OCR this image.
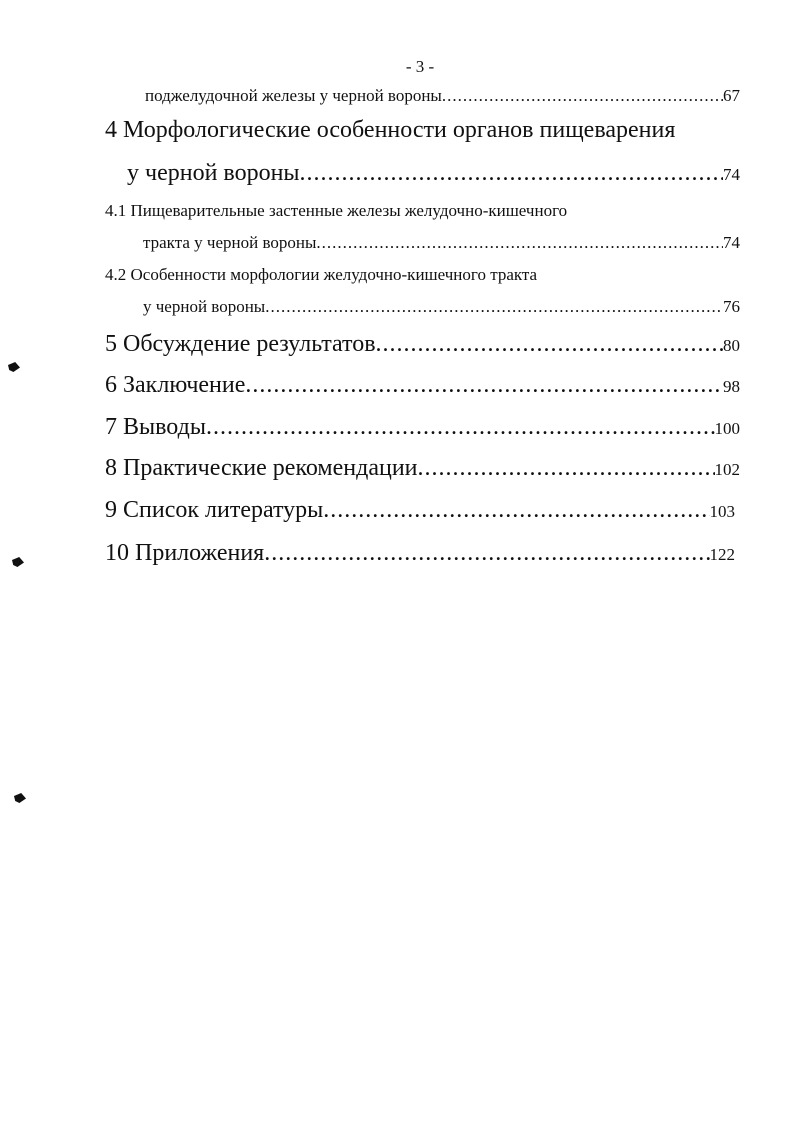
- 3 -
поджелудочной железы у черной вороны .....	67
4 Морфологические особенности органов пищеварения
у черной вороны .....	74
4.1 Пищеварительные застенные железы желудочно-кишечного
тракта у черной вороны .....	74
4.2 Особенности морфологии желудочно-кишечного тракта
у черной вороны .....	76
5 Обсуждение результатов .....	80
6 Заключение .....	98
7 Выводы .....	100
8 Практические рекомендации .....	102
9 Список литературы .....	103
10 Приложения .....	122
